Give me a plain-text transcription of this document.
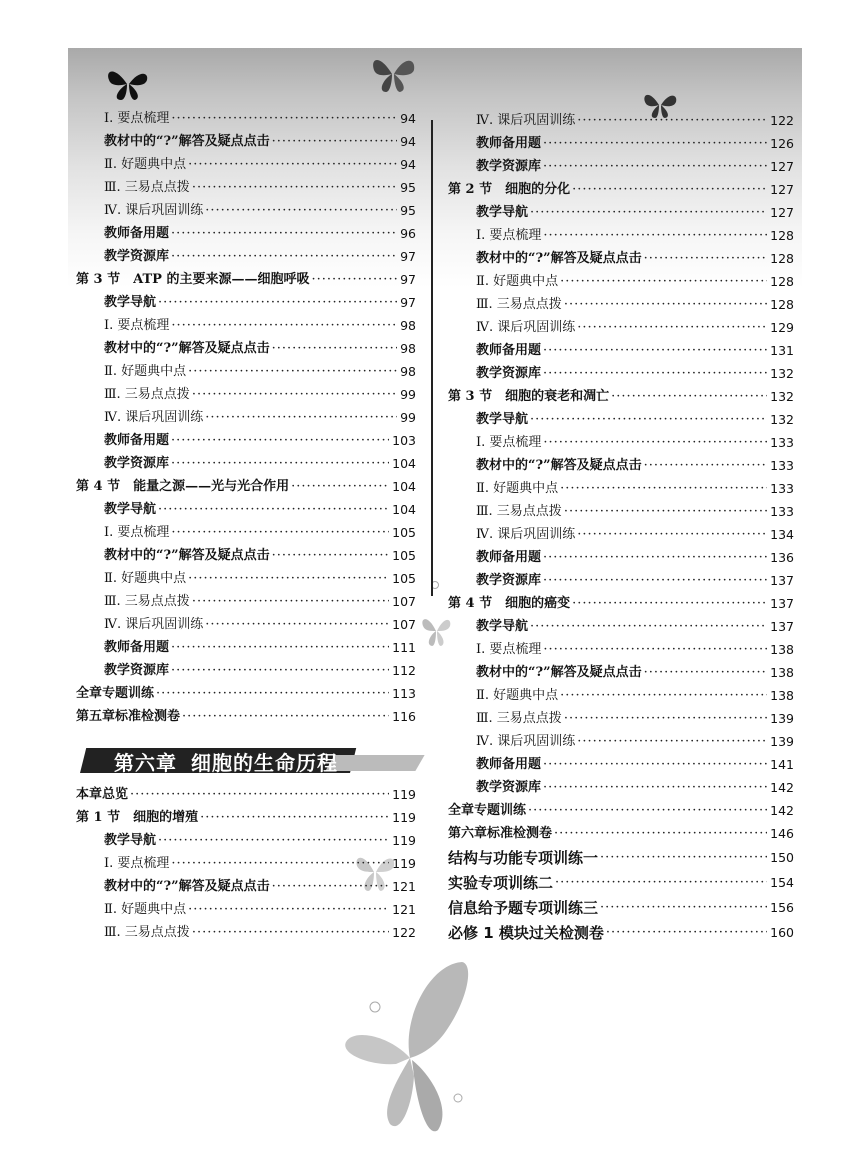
第六章 细胞的生命历程
Ⅰ. 要点梳理 ·····	94
教材中的“?”解答及疑点点击 ·····	94
Ⅱ. 好题典中点 ·····	94
Ⅲ. 三易点点拨 ·····	95
Ⅳ. 课后巩固训练 ·····	95
教师备用题 ·····	96
教学资源库 ·····	97
第 3 节　ATP 的主要来源——细胞呼吸 ·····	97
教学导航 ·····	97
Ⅰ. 要点梳理 ·····	98
教材中的“?”解答及疑点点击 ·····	98
Ⅱ. 好题典中点 ·····	98
Ⅲ. 三易点点拨 ·····	99
Ⅳ. 课后巩固训练 ·····	99
教师备用题 ·····	103
教学资源库 ·····	104
第 4 节　能量之源——光与光合作用 ·····	104
教学导航 ·····	104
Ⅰ. 要点梳理 ·····	105
教材中的“?”解答及疑点点击 ·····	105
Ⅱ. 好题典中点 ·····	105
Ⅲ. 三易点点拨 ·····	107
Ⅳ. 课后巩固训练 ·····	107
教师备用题 ·····	111
教学资源库 ·····	112
全章专题训练 ·····	113
第五章标准检测卷 ·····	116
本章总览 ·····	119
第 1 节　细胞的增殖 ·····	119
教学导航 ·····	119
Ⅰ. 要点梳理 ·····	119
教材中的“?”解答及疑点点击 ·····	121
Ⅱ. 好题典中点 ·····	121
Ⅲ. 三易点点拨 ·····	122
Ⅳ. 课后巩固训练 ·····	122
教师备用题 ·····	126
教学资源库 ·····	127
第 2 节　细胞的分化 ·····	127
教学导航 ·····	127
Ⅰ. 要点梳理 ·····	128
教材中的“?”解答及疑点点击 ·····	128
Ⅱ. 好题典中点 ·····	128
Ⅲ. 三易点点拨 ·····	128
Ⅳ. 课后巩固训练 ·····	129
教师备用题 ·····	131
教学资源库 ·····	132
第 3 节　细胞的衰老和凋亡 ·····	132
教学导航 ·····	132
Ⅰ. 要点梳理 ·····	133
教材中的“?”解答及疑点点击 ·····	133
Ⅱ. 好题典中点 ·····	133
Ⅲ. 三易点点拨 ·····	133
Ⅳ. 课后巩固训练 ·····	134
教师备用题 ·····	136
教学资源库 ·····	137
第 4 节　细胞的癌变 ·····	137
教学导航 ·····	137
Ⅰ. 要点梳理 ·····	138
教材中的“?”解答及疑点点击 ·····	138
Ⅱ. 好题典中点 ·····	138
Ⅲ. 三易点点拨 ·····	139
Ⅳ. 课后巩固训练 ·····	139
教师备用题 ·····	141
教学资源库 ·····	142
全章专题训练 ·····	142
第六章标准检测卷 ·····	146
结构与功能专项训练一 ·····	150
实验专项训练二 ·····	154
信息给予题专项训练三 ·····	156
必修 1 模块过关检测卷 ·····	160
